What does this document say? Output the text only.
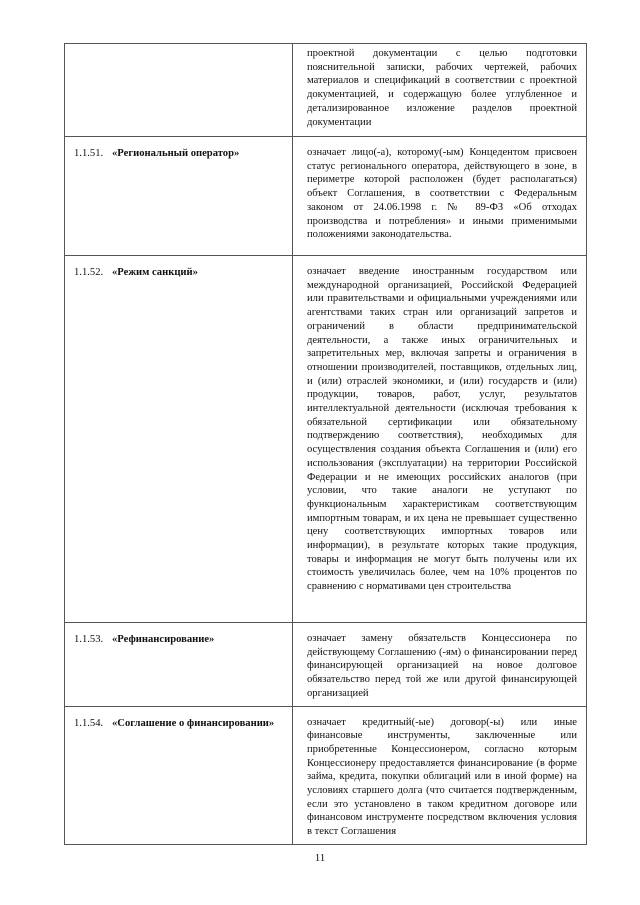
	проектной документации с целью подготовки пояснительной записки, рабочих чертежей, рабочих материалов и спецификаций в соответствии с проектной документацией, и содержащую более углубленное и детализированное изложение разделов проектной документации

1.1.51. «Региональный оператор»	означает лицо(-а), которому(-ым) Концедентом присвоен статус регионального оператора, действующего в зоне, в периметре которой расположен (будет располагаться) объект Соглашения, в соответствии с Федеральным законом от 24.06.1998 г. № 89-ФЗ «Об отходах производства и потребления» и иными применимыми положениями законодательства.

1.1.52. «Режим санкций»	означает введение иностранным государством или международной организацией, Российской Федерацией или правительствами и официальными учреждениями или агентствами таких стран или организаций запретов и ограничений в области предпринимательской деятельности, а также иных ограничительных и запретительных мер, включая запреты и ограничения в отношении производителей, поставщиков, отдельных лиц, и (или) отраслей экономики, и (или) государств и (или) продукции, товаров, работ, услуг, результатов интеллектуальной деятельности (исключая требования к обязательной сертификации или обязательному подтверждению соответствия), необходимых для осуществления создания объекта Соглашения и (или) его использования (эксплуатации) на территории Российской Федерации и не имеющих российских аналогов (при условии, что такие аналоги не уступают по функциональным характеристикам соответствующим импортным товарам, и их цена не превышает существенно цену соответствующих импортных товаров или информации), в результате которых такие продукция, товары и информация не могут быть получены или их стоимость увеличилась более, чем на 10% процентов по сравнению с нормативами цен строительства

1.1.53. «Рефинансирование»	означает замену обязательств Концессионера по действующему Соглашению (-ям) о финансировании перед финансирующей организацией на новое долговое обязательство перед той же или другой финансирующей организацией

1.1.54. «Соглашение о финансировании»	означает кредитный(-ые) договор(-ы) или иные финансовые инструменты, заключенные или приобретенные Концессионером, согласно которым Концессионеру предоставляется финансирование (в форме займа, кредита, покупки облигаций или в иной форме) на условиях старшего долга (что считается подтвержденным, если это установлено в таком кредитном договоре или финансовом инструменте посредством включения условия в текст Соглашения
11
